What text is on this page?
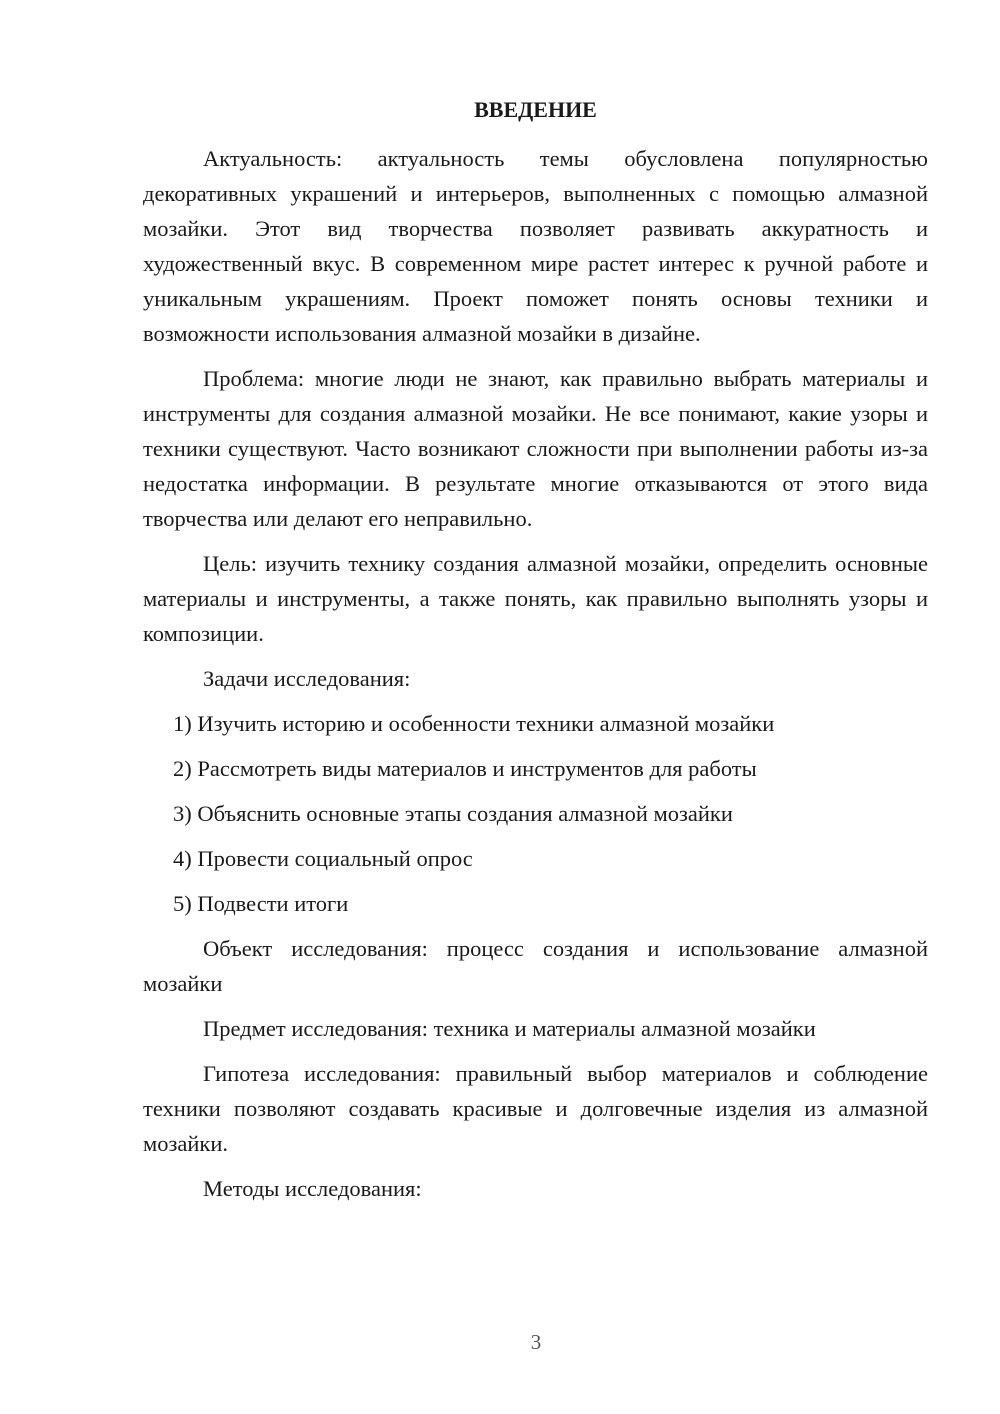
ВВЕДЕНИЕ

Актуальность: актуальность темы обусловлена популярностью декоративных украшений и интерьеров, выполненных с помощью алмазной мозайки. Этот вид творчества позволяет развивать аккуратность и художественный вкус. В современном мире растет интерес к ручной работе и уникальным украшениям. Проект поможет понять основы техники и возможности использования алмазной мозайки в дизайне.

Проблема: многие люди не знают, как правильно выбрать материалы и инструменты для создания алмазной мозайки. Не все понимают, какие узоры и техники существуют. Часто возникают сложности при выполнении работы из-за недостатка информации. В результате многие отказываются от этого вида творчества или делают его неправильно.

Цель: изучить технику создания алмазной мозайки, определить основные материалы и инструменты, а также понять, как правильно выполнять узоры и композиции.

Задачи исследования:

1) Изучить историю и особенности техники алмазной мозайки
2) Рассмотреть виды материалов и инструментов для работы
3) Объяснить основные этапы создания алмазной мозайки
4) Провести социальный опрос
5) Подвести итоги

Объект исследования: процесс создания и использование алмазной мозайки

Предмет исследования: техника и материалы алмазной мозайки

Гипотеза исследования: правильный выбор материалов и соблюдение техники позволяют создавать красивые и долговечные изделия из алмазной мозайки.

Методы исследования:

3
